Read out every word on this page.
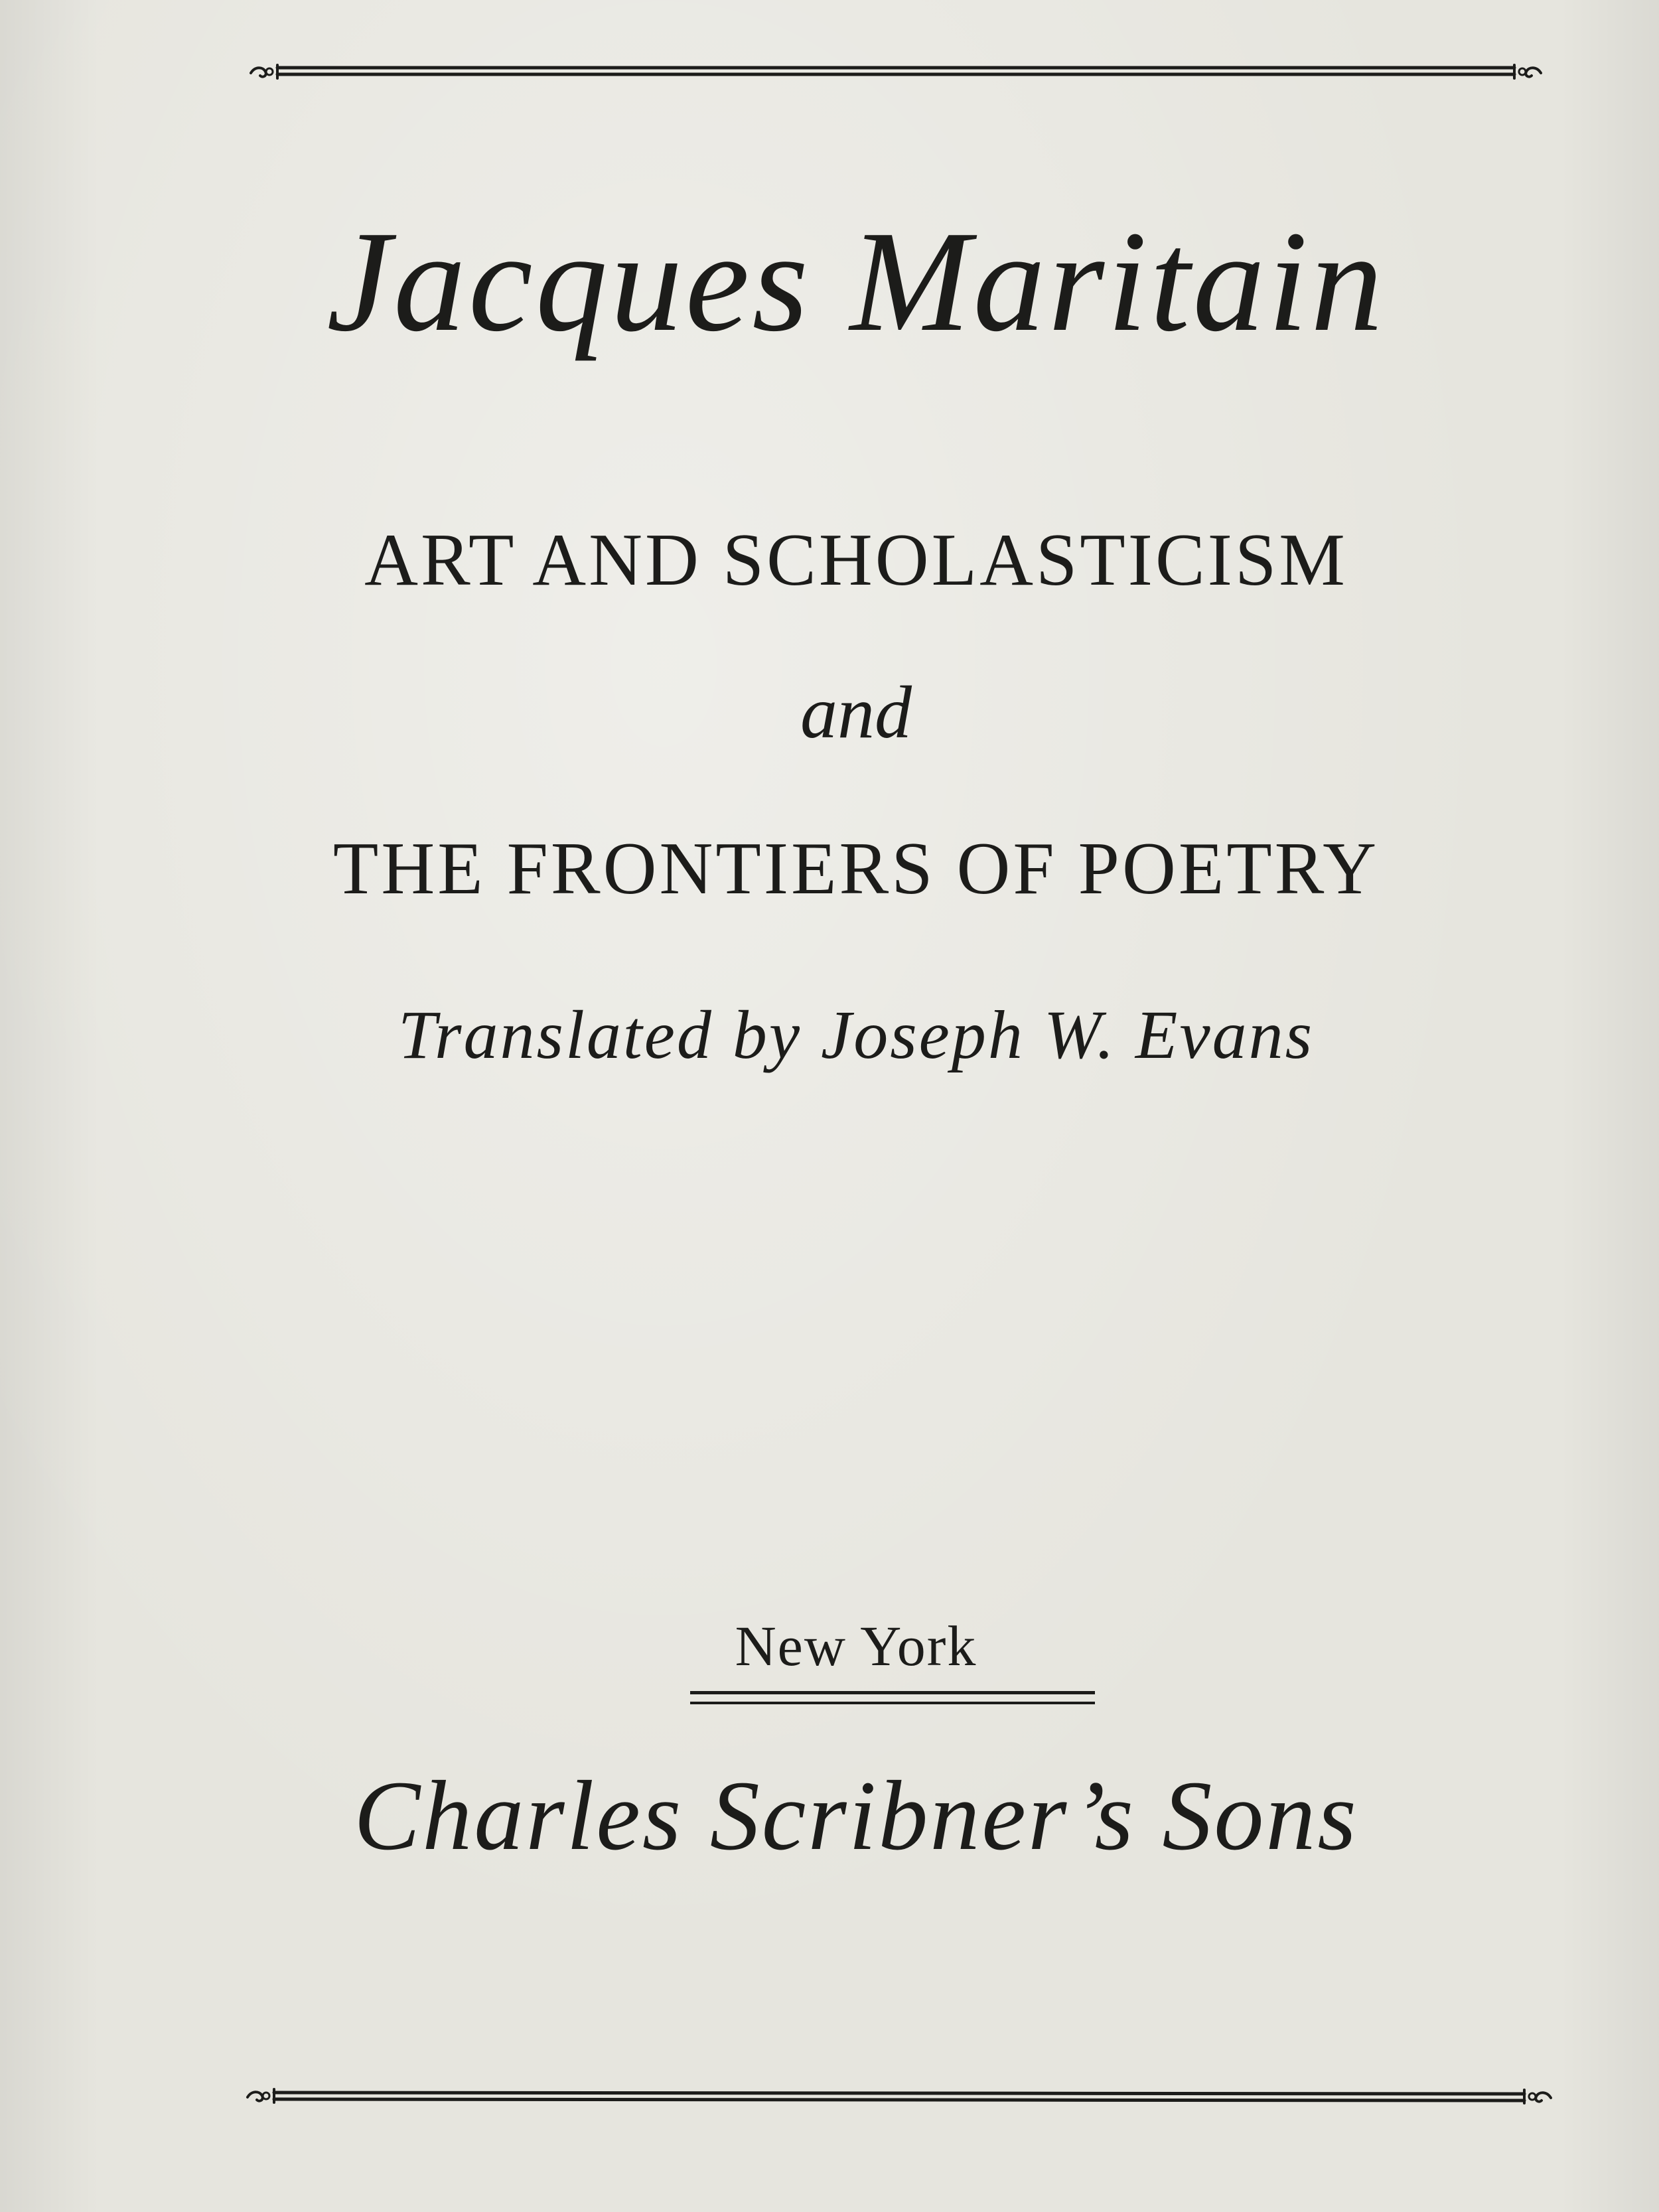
Jacques Maritain
ART AND SCHOLASTICISM
and
THE FRONTIERS OF POETRY
Translated by Joseph W. Evans
New York
Charles Scribner’s Sons
